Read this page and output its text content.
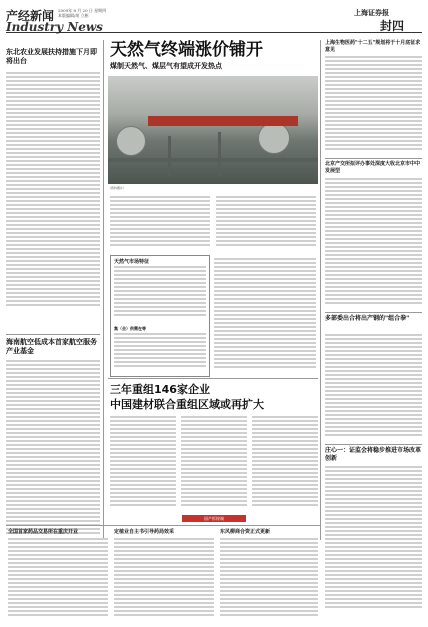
产经新闻
Industry News
2009年 8 月 20 日 星期四
本版编辑/胡 立彬	上海证券报
封四
东北农业发展扶持措施下月即将出台
海南航空低成本首家航空服务产业基金
天然气终端涨价铺开
煤制天然气、煤层气有望成开发热点
（资料图片）
天然气市场特征
集（会）供需在等
上海生物医药"十二五"规划将于十月底征求意见
北京产交所拟评办事处深度大收北京市中中发展型
多部委出合将出产钢的"组合拳"
庄心一：证监会将稳步推进市场改革创新
三年重组146家企业
中国建材联合重组区域或再扩大
国产拆终端
全国首家药品交易所在重庆开业	定植业自主书引导药局效采	东风柳商合资正式更新
